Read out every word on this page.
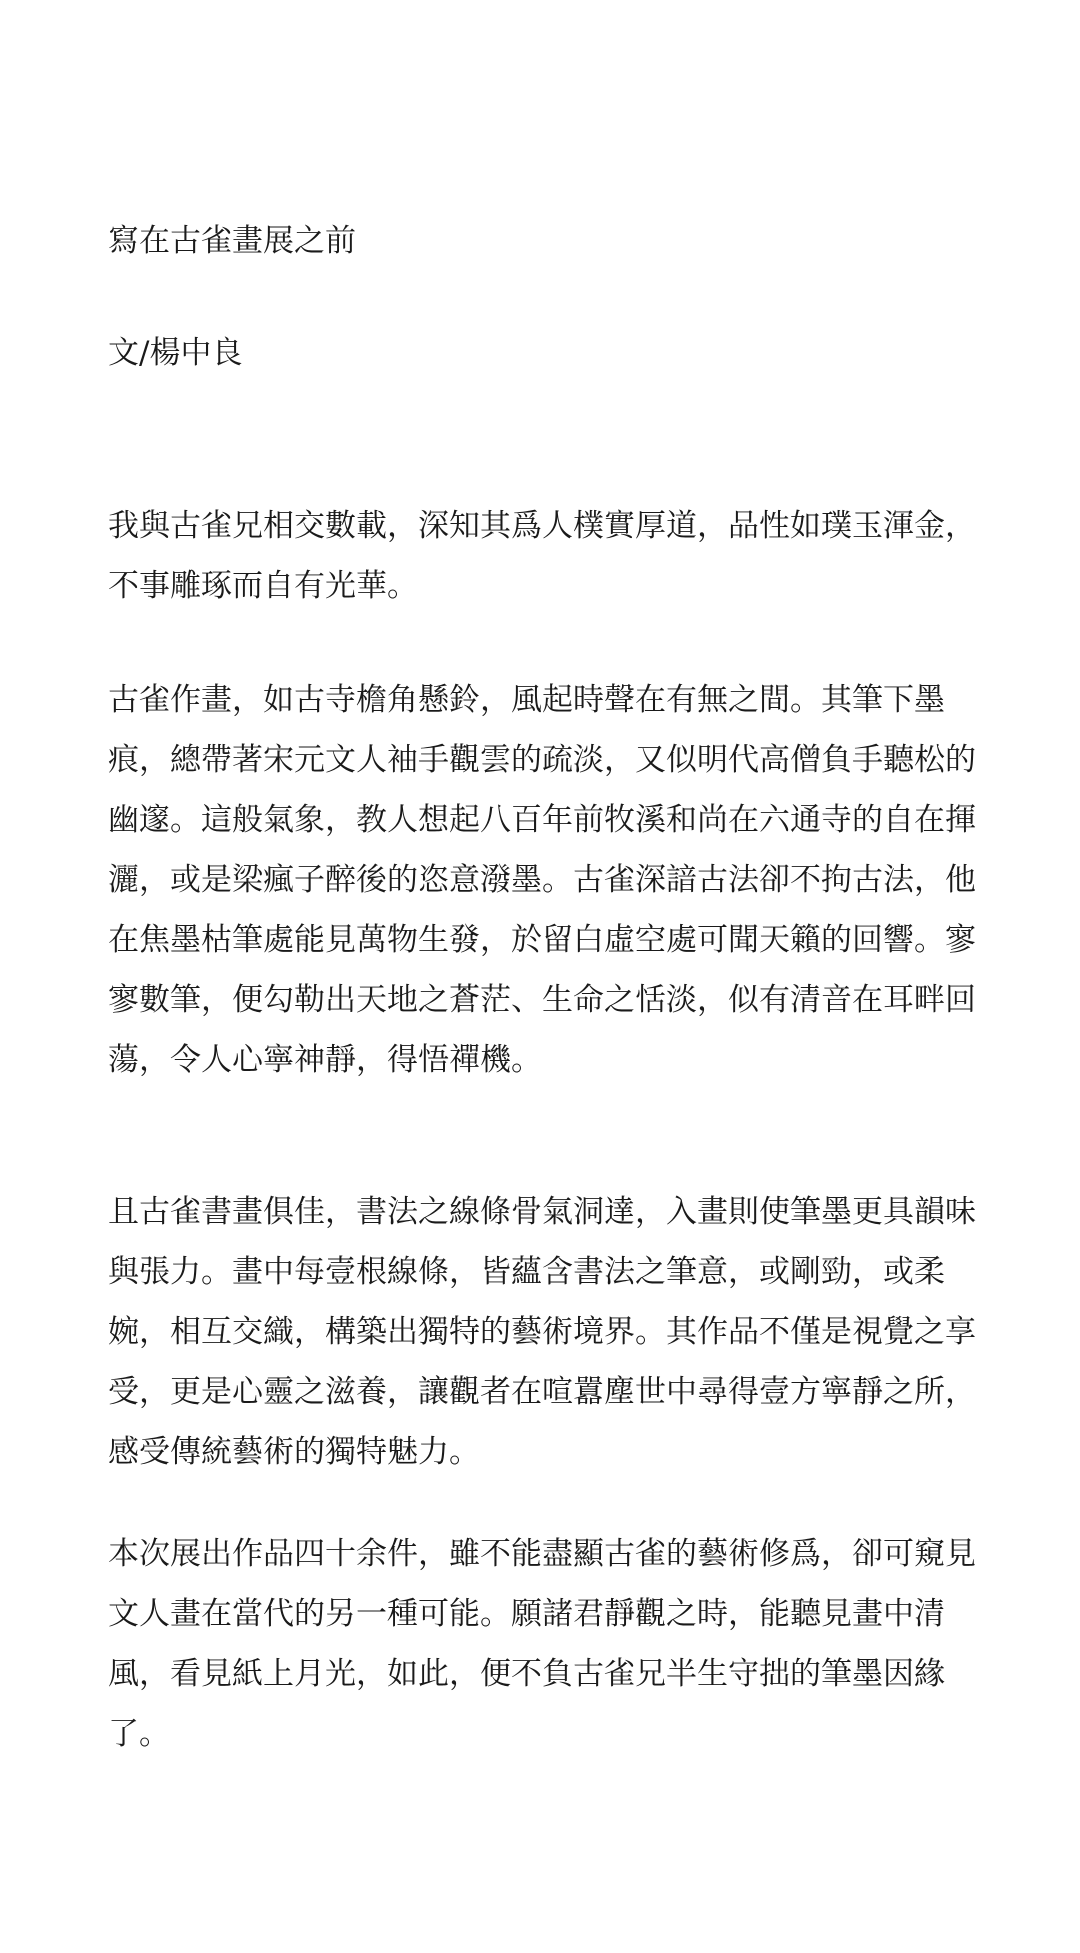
寫在古雀畫展之前

文/楊中良

我與古雀兄相交數載，深知其爲人樸實厚道，品性如璞玉渾金，不事雕琢而自有光華。

古雀作畫，如古寺檐角懸鈴，風起時聲在有無之間。其筆下墨痕，總帶著宋元文人袖手觀雲的疏淡，又似明代高僧負手聽松的幽邃。這般氣象，教人想起八百年前牧溪和尚在六通寺的自在揮灑，或是梁瘋子醉後的恣意潑墨。古雀深諳古法卻不拘古法，他在焦墨枯筆處能見萬物生發，於留白虛空處可聞天籟的回響。寥寥數筆，便勾勒出天地之蒼茫、生命之恬淡，似有清音在耳畔回蕩，令人心寧神靜，得悟禪機。

且古雀書畫俱佳，書法之線條骨氣洞達，入畫則使筆墨更具韻味與張力。畫中每壹根線條，皆蘊含書法之筆意，或剛勁，或柔婉，相互交織，構築出獨特的藝術境界。其作品不僅是視覺之享受，更是心靈之滋養，讓觀者在喧囂塵世中尋得壹方寧靜之所，感受傳統藝術的獨特魅力。

本次展出作品四十余件，雖不能盡顯古雀的藝術修爲，卻可窺見文人畫在當代的另一種可能。願諸君靜觀之時，能聽見畫中清風，看見紙上月光，如此，便不負古雀兄半生守拙的筆墨因緣了。
